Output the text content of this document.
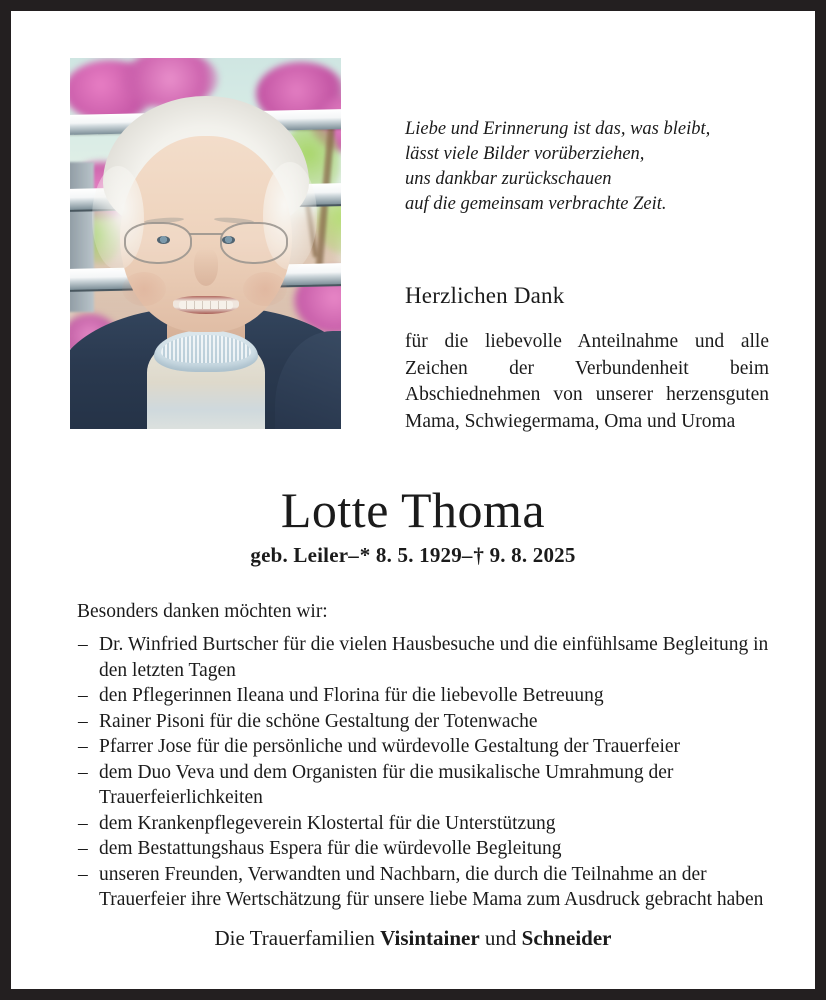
Liebe und Erinnerung ist das, was bleibt,
lässt viele Bilder vorüberziehen,
uns dankbar zurückschauen
auf die gemeinsam verbrachte Zeit.
Herzlichen Dank
für die liebevolle Anteilnahme und alle Zeichen der Verbundenheit beim Abschiednehmen von unserer herzensguten Mama, Schwiegermama, Oma und Uroma
Lotte Thoma
geb. Leiler–* 8. 5. 1929–† 9. 8. 2025
Besonders danken möchten wir:
– Dr. Winfried Burtscher für die vielen Hausbesuche und die einfühlsame Begleitung in den letzten Tagen
– den Pflegerinnen Ileana und Florina für die liebevolle Betreuung
– Rainer Pisoni für die schöne Gestaltung der Totenwache
– Pfarrer Jose für die persönliche und würdevolle Gestaltung der Trauerfeier
– dem Duo Veva und dem Organisten für die musikalische Umrahmung der Trauerfeierlichkeiten
– dem Krankenpflegeverein Klostertal für die Unterstützung
– dem Bestattungshaus Espera für die würdevolle Begleitung
– unseren Freunden, Verwandten und Nachbarn, die durch die Teilnahme an der Trauerfeier ihre Wertschätzung für unsere liebe Mama zum Ausdruck gebracht haben
Die Trauerfamilien Visintainer und Schneider
